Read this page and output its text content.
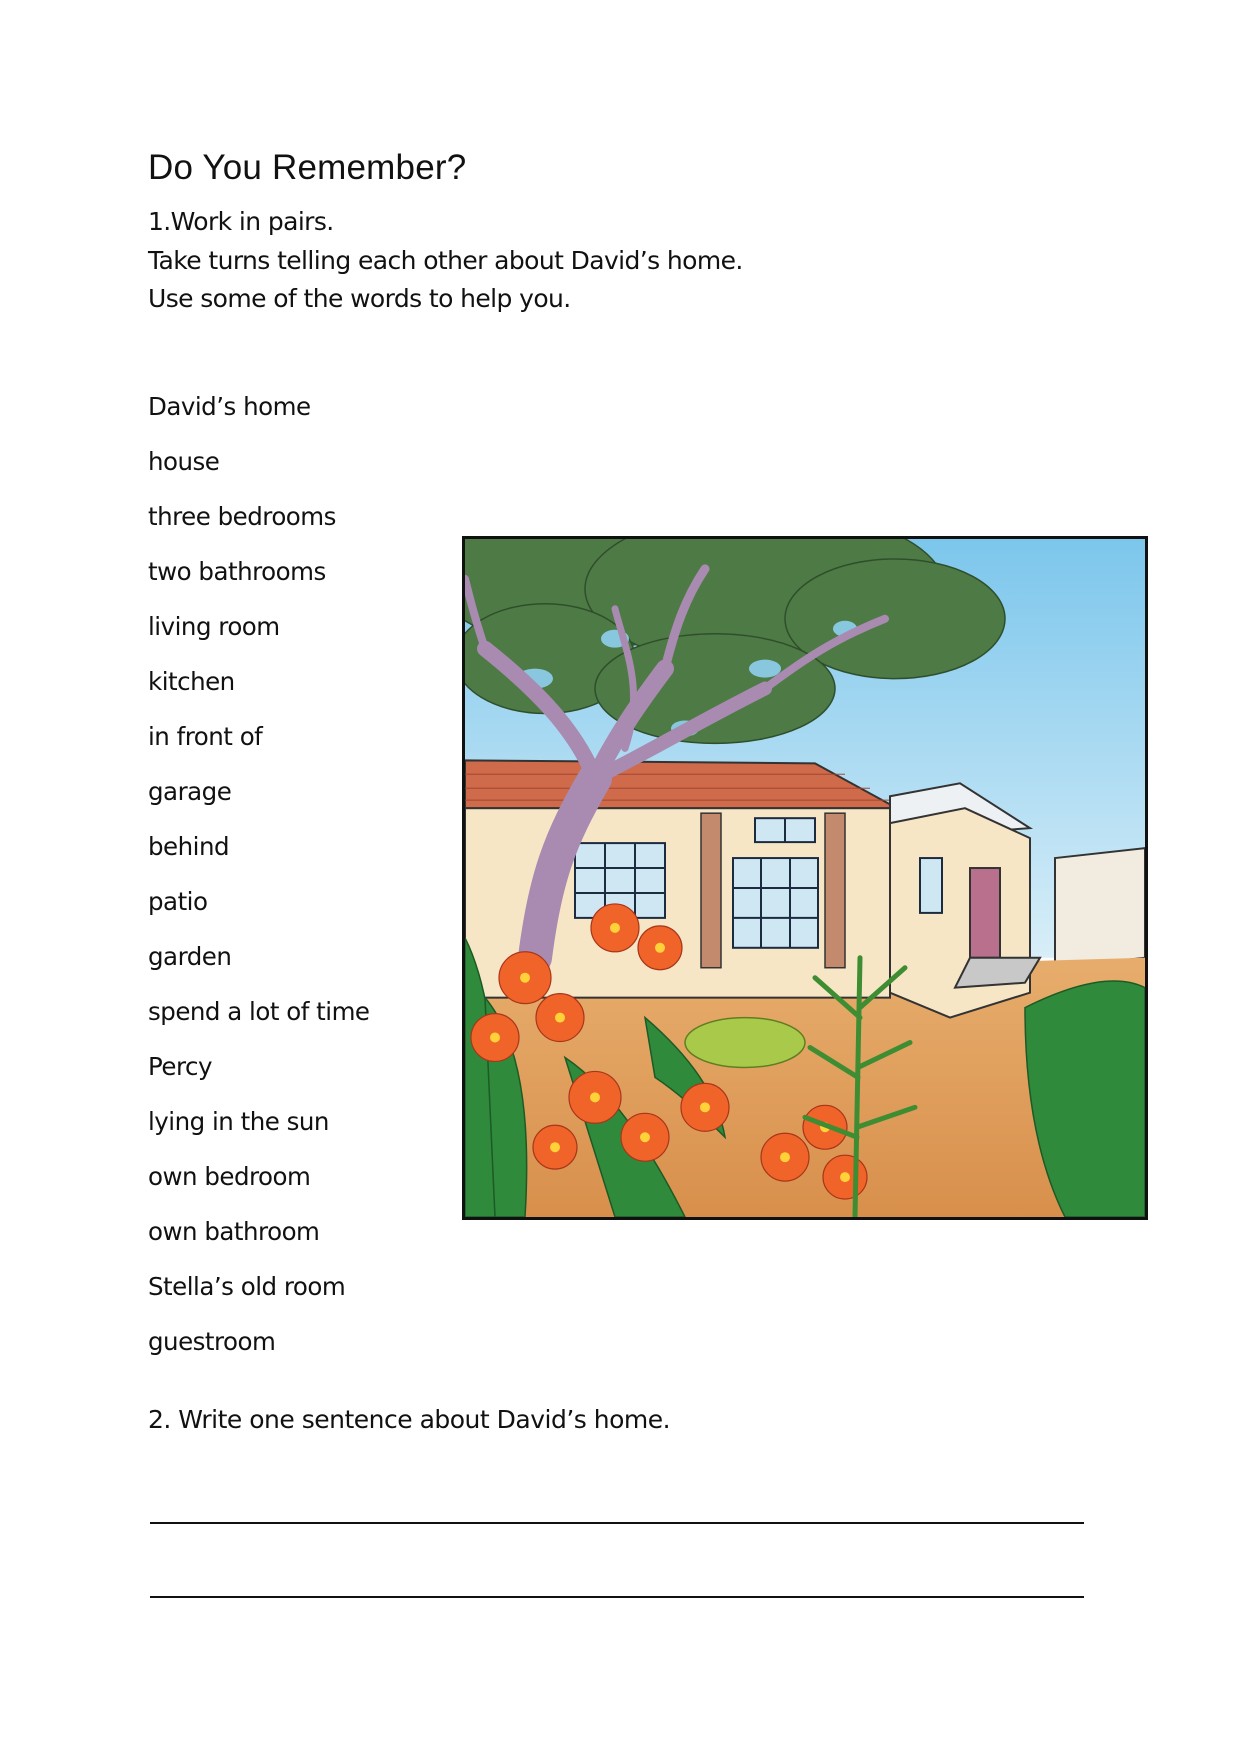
Do You Remember?
1.Work in pairs.
Take turns telling each other about David’s home.
Use some of the words to help you.
David’s home
house
three bedrooms
two bathrooms
living room
kitchen
in front of
garage
behind
patio
garden
spend a lot of time
Percy
lying in the sun
own bedroom
own bathroom
Stella’s old room
guestroom
2. Write one sentence about David’s home.
